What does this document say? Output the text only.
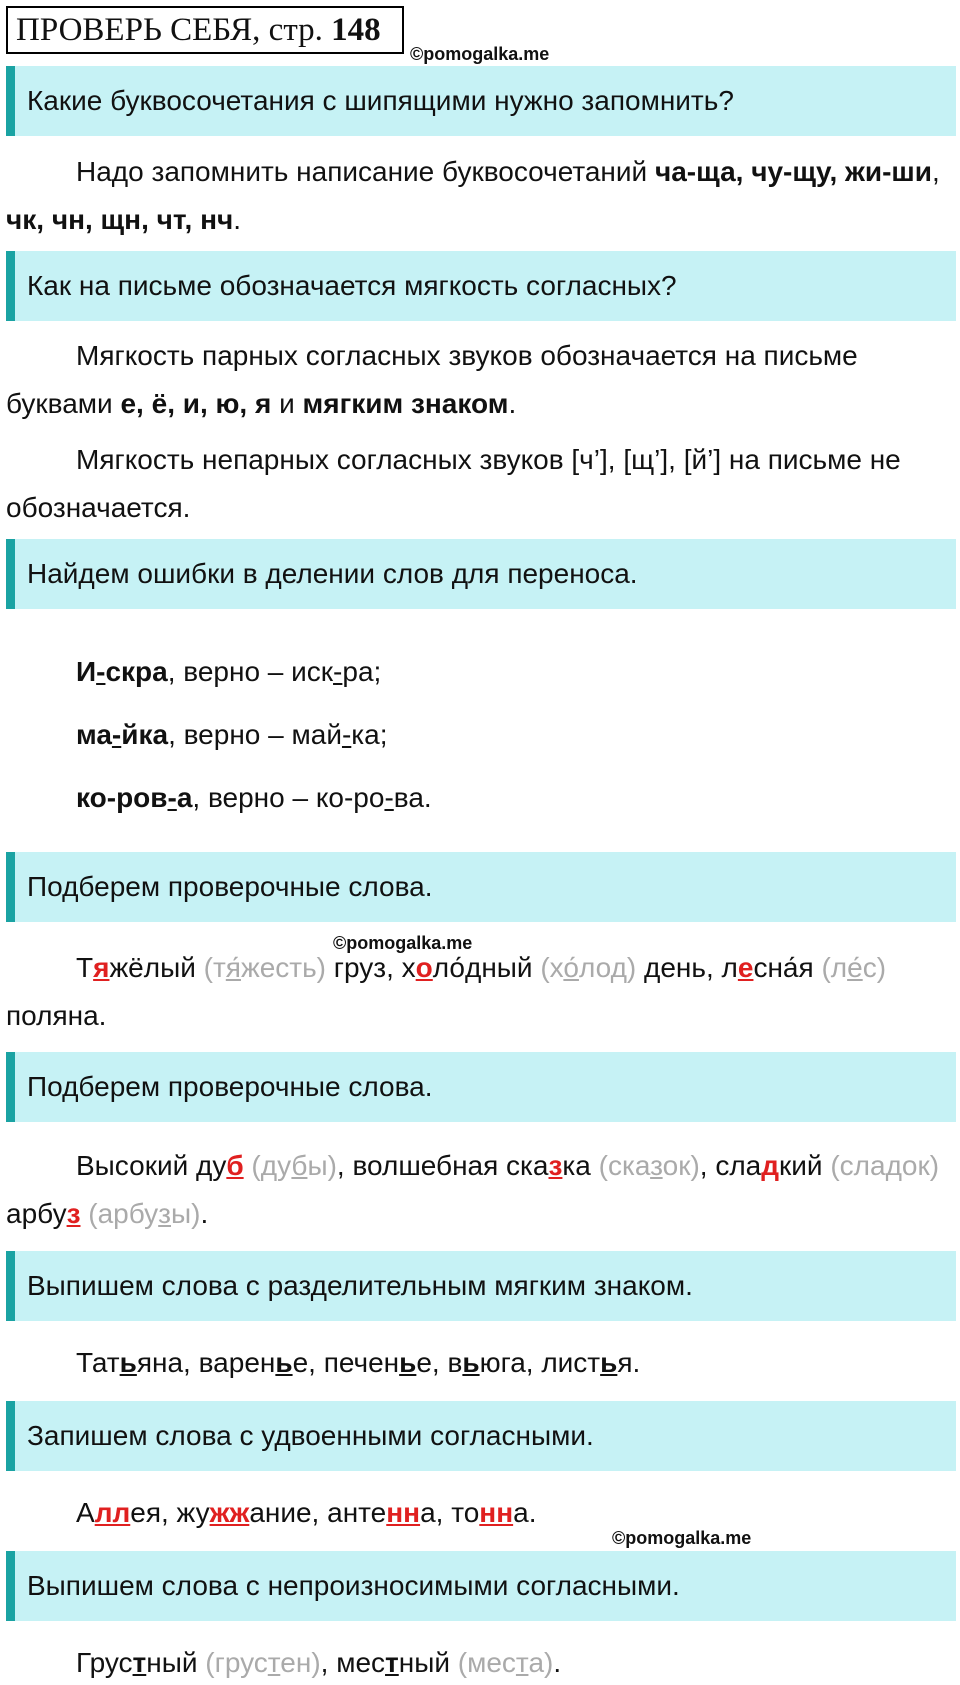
ПРОВЕРЬ СЕБЯ, стр. 148
©pomogalka.me
Какие буквосочетания с шипящими нужно запомнить?

Надо запомнить написание буквосочетаний ча-ща, чу-щу, жи-ши, чк, чн, щн, чт, нч.

Как на письме обозначается мягкость согласных?

Мягкость парных согласных звуков обозначается на письме буквами е, ё, и, ю, я и мягким знаком.

Мягкость непарных согласных звуков [ч’], [щ’], [й’] на письме не обозначается.

Найдем ошибки в делении слов для переноса.
И-скра, верно – иск-ра;
ма-йка, верно – май-ка;
ко-ров-а, верно – ко-ро-ва.
Подберем проверочные слова.
©pomogalka.me

Тяжёлый (тя́жесть) груз, холо́дный (хо́лод) день, лесна́я (ле́с) поляна.

Подберем проверочные слова.

Высокий дуб (дубы), волшебная сказка (сказок), сладкий (сладок) арбуз (арбузы).

Выпишем слова с разделительным мягким знаком.
Татьяна, варенье, печенье, вьюга, листья.
Запишем слова с удвоенными согласными.
Аллея, жужжание, антенна, тонна.
©pomogalka.me
Выпишем слова с непроизносимыми согласными.
Грустный (грустен), местный (места).
